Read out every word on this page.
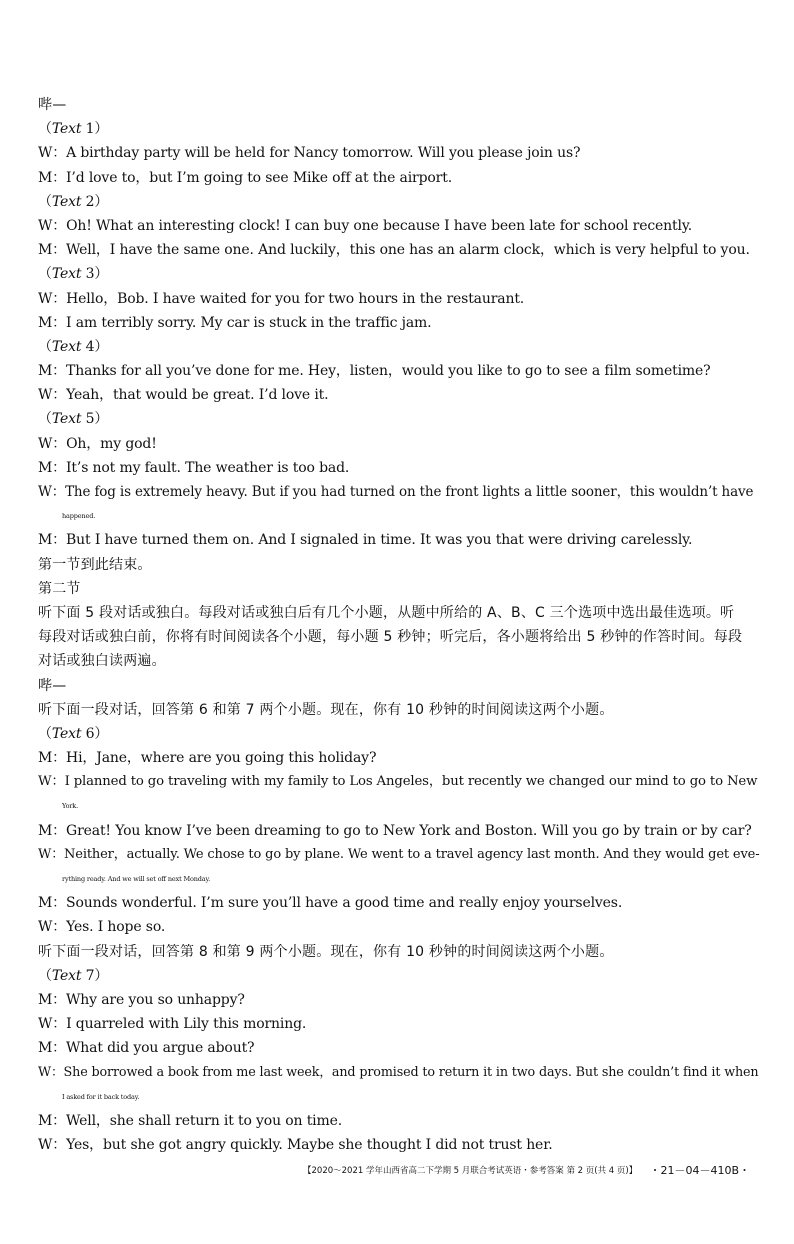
哔—
（Text 1）
W：A birthday party will be held for Nancy tomorrow. Will you please join us?
M：I’d love to，but I’m going to see Mike off at the airport.
（Text 2）
W：Oh! What an interesting clock! I can buy one because I have been late for school recently.
M：Well，I have the same one. And luckily，this one has an alarm clock，which is very helpful to you.
（Text 3）
W：Hello，Bob. I have waited for you for two hours in the restaurant.
M：I am terribly sorry. My car is stuck in the traffic jam.
（Text 4）
M：Thanks for all you’ve done for me. Hey，listen，would you like to go to see a film sometime?
W：Yeah，that would be great. I’d love it.
（Text 5）
W：Oh，my god!
M：It’s not my fault. The weather is too bad.
W：The fog is extremely heavy. But if you had turned on the front lights a little sooner，this wouldn’t have
happened.
M：But I have turned them on. And I signaled in time. It was you that were driving carelessly.
第一节到此结束。
第二节
听下面 5 段对话或独白。每段对话或独白后有几个小题，从题中所给的 A、B、C 三个选项中选出最佳选项。听
每段对话或独白前，你将有时间阅读各个小题，每小题 5 秒钟；听完后，各小题将给出 5 秒钟的作答时间。每段
对话或独白读两遍。
哔—
听下面一段对话，回答第 6 和第 7 两个小题。现在，你有 10 秒钟的时间阅读这两个小题。
（Text 6）
M：Hi，Jane，where are you going this holiday?
W：I planned to go traveling with my family to Los Angeles，but recently we changed our mind to go to New
York.
M：Great! You know I’ve been dreaming to go to New York and Boston. Will you go by train or by car?
W：Neither，actually. We chose to go by plane. We went to a travel agency last month. And they would get eve-
rything ready. And we will set off next Monday.
M：Sounds wonderful. I’m sure you’ll have a good time and really enjoy yourselves.
W：Yes. I hope so.
听下面一段对话，回答第 8 和第 9 两个小题。现在，你有 10 秒钟的时间阅读这两个小题。
（Text 7）
M：Why are you so unhappy?
W：I quarreled with Lily this morning.
M：What did you argue about?
W：She borrowed a book from me last week，and promised to return it in two days. But she couldn’t find it when
I asked for it back today.
M：Well，she shall return it to you on time.
W：Yes，but she got angry quickly. Maybe she thought I did not trust her.
【2020～2021 学年山西省高二下学期 5 月联合考试英语・参考答案 第 2 页(共 4 页)】 ・21－04－410B・
